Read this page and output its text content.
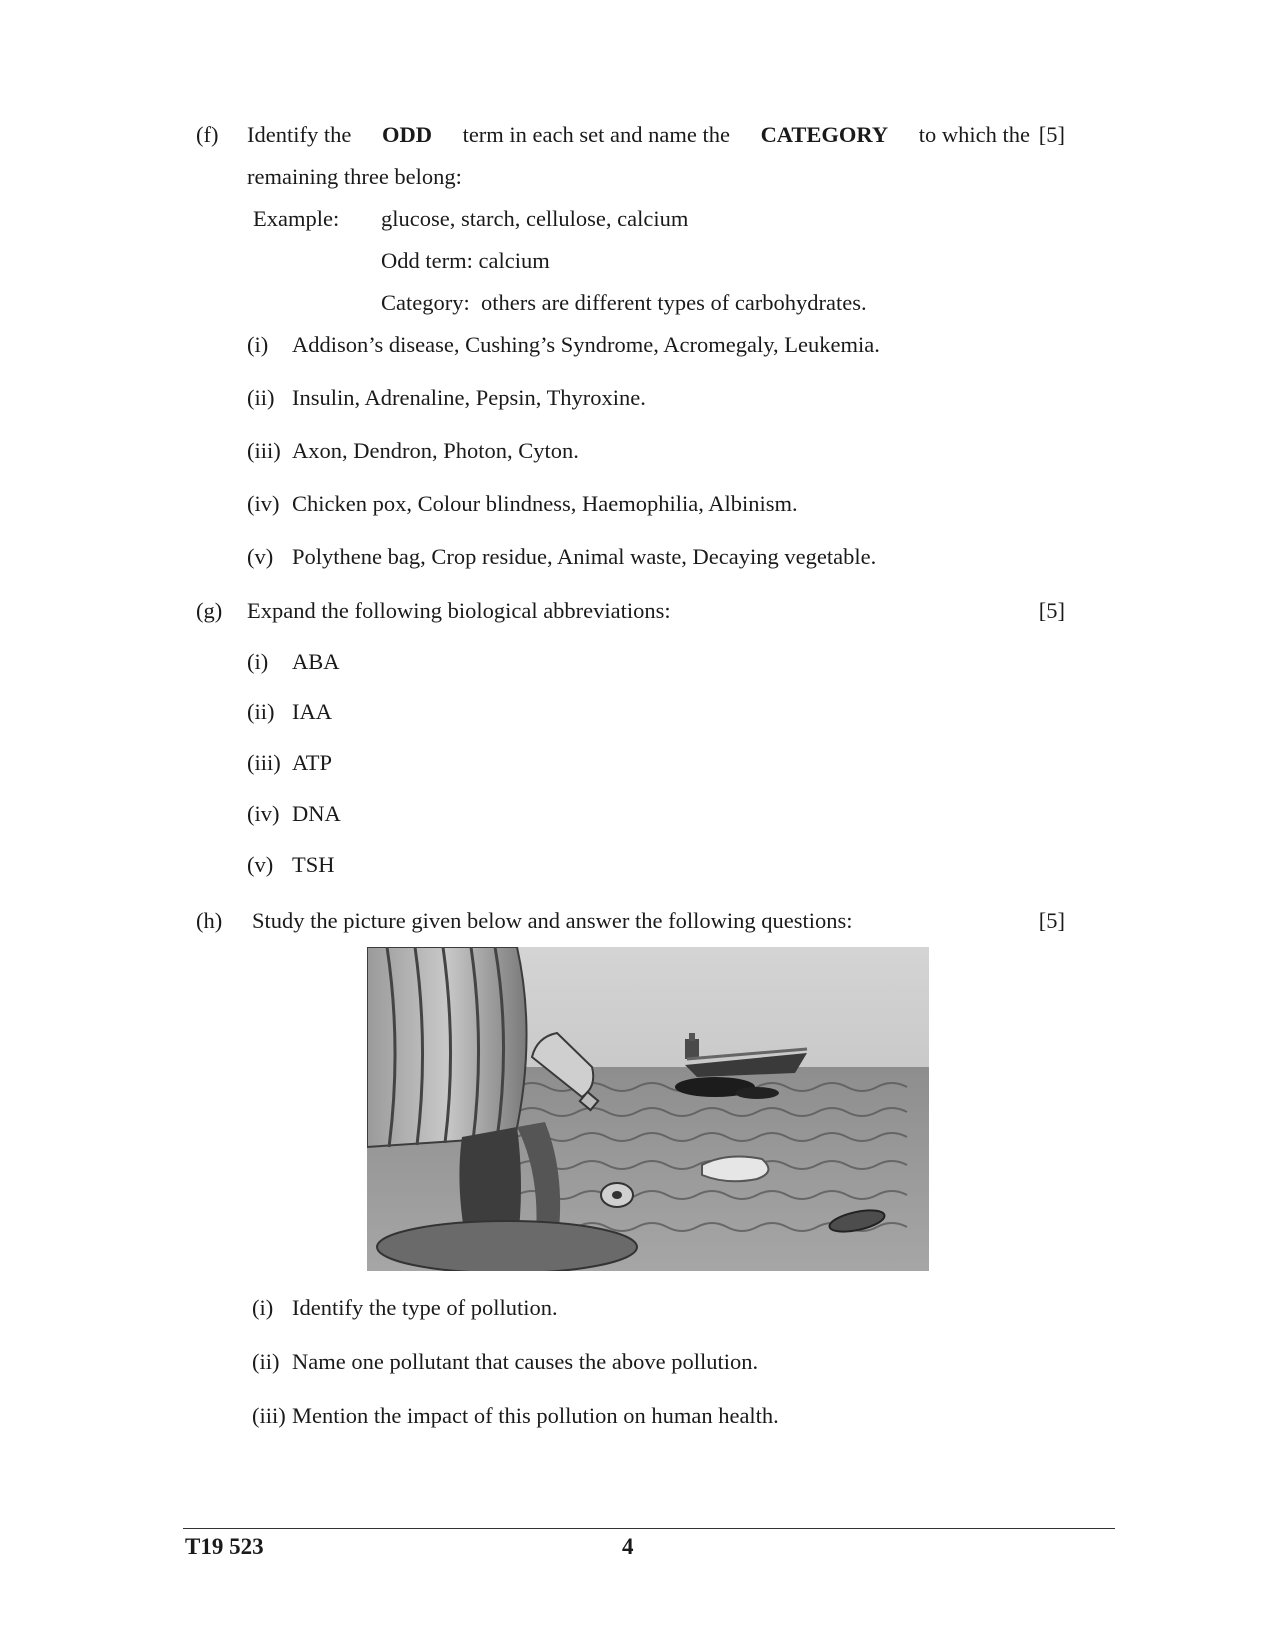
(f)	Identify the ODD term in each set and name the CATEGORY to which the [5]
remaining three belong:
Example: glucose, starch, cellulose, calcium
Odd term: calcium
Category:  others are different types of carbohydrates.
(i) Addison’s disease, Cushing’s Syndrome, Acromegaly, Leukemia.
(ii) Insulin, Adrenaline, Pepsin, Thyroxine.
(iii) Axon, Dendron, Photon, Cyton.
(iv) Chicken pox, Colour blindness, Haemophilia, Albinism.
(v) Polythene bag, Crop residue, Animal waste, Decaying vegetable.
(g)	Expand the following biological abbreviations:	[5]
(i) ABA
(ii) IAA
(iii) ATP
(iv) DNA
(v) TSH
(h)	Study the picture given below and answer the following questions:	[5]
(i) Identify the type of pollution.
(ii) Name one pollutant that causes the above pollution.
(iii) Mention the impact of this pollution on human health.
T19 523	4
